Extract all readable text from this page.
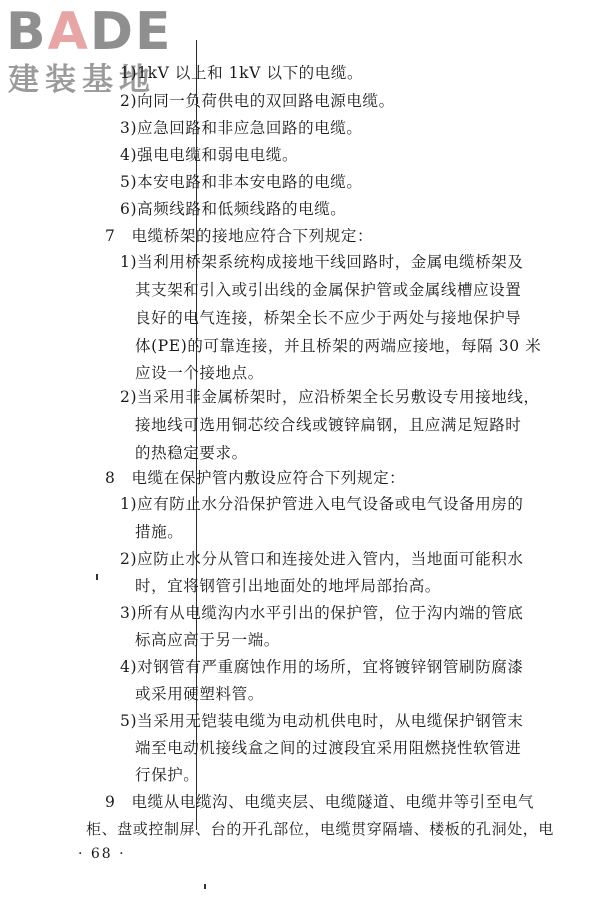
BADE
建装基地
1)1kV 以上和 1kV 以下的电缆。
2)向同一负荷供电的双回路电源电缆。
3)应急回路和非应急回路的电缆。
4)强电电缆和弱电电缆。
5)本安电路和非本安电路的电缆。
6)高频线路和低频线路的电缆。
7　电缆桥架的接地应符合下列规定：
1)当利用桥架系统构成接地干线回路时，金属电缆桥架及
其支架和引入或引出线的金属保护管或金属线槽应设置
良好的电气连接，桥架全长不应少于两处与接地保护导
体(PE)的可靠连接，并且桥架的两端应接地，每隔 30 米
应设一个接地点。
2)当采用非金属桥架时，应沿桥架全长另敷设专用接地线，
接地线可选用铜芯绞合线或镀锌扁钢，且应满足短路时
的热稳定要求。
8　电缆在保护管内敷设应符合下列规定：
1)应有防止水分沿保护管进入电气设备或电气设备用房的
措施。
2)应防止水分从管口和连接处进入管内，当地面可能积水
时，宜将钢管引出地面处的地坪局部抬高。
3)所有从电缆沟内水平引出的保护管，位于沟内端的管底
标高应高于另一端。
4)对钢管有严重腐蚀作用的场所，宜将镀锌钢管刷防腐漆
或采用硬塑料管。
5)当采用无铠装电缆为电动机供电时，从电缆保护钢管末
端至电动机接线盒之间的过渡段宜采用阻燃挠性软管进
行保护。
9　电缆从电缆沟、电缆夹层、电缆隧道、电缆井等引至电气
柜、盘或控制屏、台的开孔部位，电缆贯穿隔墙、楼板的孔洞处，电
· 68 ·
